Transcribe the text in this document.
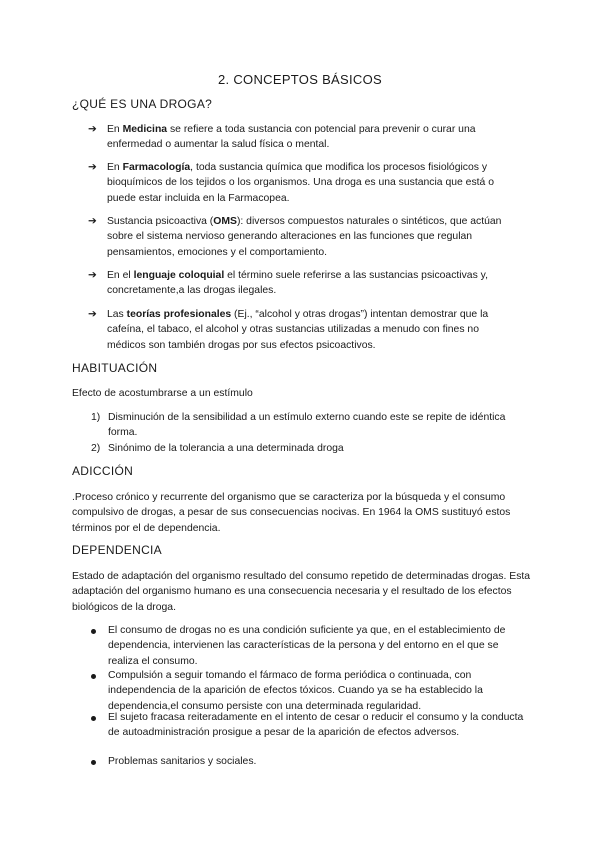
2. CONCEPTOS BÁSICOS
¿QUÉ ES UNA DROGA?
➔ En Medicina se refiere a toda sustancia con potencial para prevenir o curar una enfermedad o aumentar la salud física o mental.
➔ En Farmacología, toda sustancia química que modifica los procesos fisiológicos y bioquímicos de los tejidos o los organismos. Una droga es una sustancia que está o puede estar incluida en la Farmacopea.
➔ Sustancia psicoactiva (OMS): diversos compuestos naturales o sintéticos, que actúan sobre el sistema nervioso generando alteraciones en las funciones que regulan pensamientos, emociones y el comportamiento.
➔ En el lenguaje coloquial el término suele referirse a las sustancias psicoactivas y, concretamente,a las drogas ilegales.
➔ Las teorías profesionales (Ej., “alcohol y otras drogas”) intentan demostrar que la cafeína, el tabaco, el alcohol y otras sustancias utilizadas a menudo con fines no médicos son también drogas por sus efectos psicoactivos.
HABITUACIÓN
Efecto de acostumbrarse a un estímulo
1) Disminución de la sensibilidad a un estímulo externo cuando este se repite de idéntica forma.
2) Sinónimo de la tolerancia a una determinada droga
ADICCIÓN
.Proceso crónico y recurrente del organismo que se caracteriza por la búsqueda y el consumo compulsivo de drogas, a pesar de sus consecuencias nocivas. En 1964 la OMS sustituyó estos términos por el de dependencia.
DEPENDENCIA
Estado de adaptación del organismo resultado del consumo repetido de determinadas drogas. Esta adaptación del organismo humano es una consecuencia necesaria y el resultado de los efectos biológicos de la droga.
El consumo de drogas no es una condición suficiente ya que, en el establecimiento de dependencia, intervienen las características de la persona y del entorno en el que se realiza el consumo.
Compulsión a seguir tomando el fármaco de forma periódica o continuada, con independencia de la aparición de efectos tóxicos. Cuando ya se ha establecido la dependencia,el consumo persiste con una determinada regularidad.
El sujeto fracasa reiteradamente en el intento de cesar o reducir el consumo y la conducta de autoadministración prosigue a pesar de la aparición de efectos adversos.
Problemas sanitarios y sociales.
